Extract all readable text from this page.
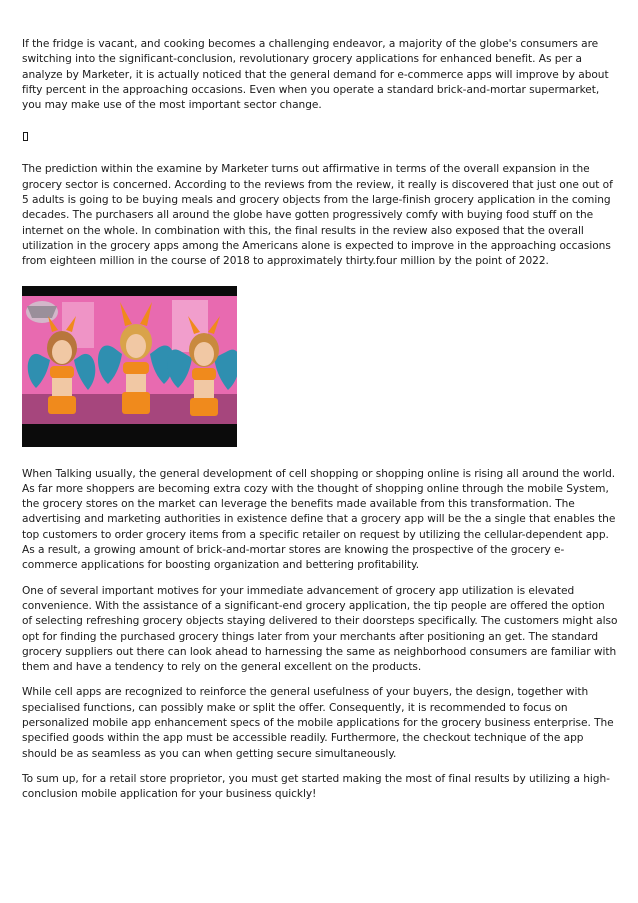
If the fridge is vacant, and cooking becomes a challenging endeavor, a majority of the globe's consumers are switching into the significant-conclusion, revolutionary grocery applications for enhanced benefit. As per a analyze by Marketer, it is actually noticed that the general demand for e-commerce apps will improve by about fifty percent in the approaching occasions. Even when you operate a standard brick-and-mortar supermarket, you may make use of the most important sector change.

The prediction within the examine by Marketer turns out affirmative in terms of the overall expansion in the grocery sector is concerned. According to the reviews from the review, it really is discovered that just one out of 5 adults is going to be buying meals and grocery objects from the large-finish grocery application in the coming decades. The purchasers all around the globe have gotten progressively comfy with buying food stuff on the internet on the whole. In combination with this, the final results in the review also exposed that the overall utilization in the grocery apps among the Americans alone is expected to improve in the approaching occasions from eighteen million in the course of 2018 to approximately thirty.four million by the point of 2022.

When Talking usually, the general development of cell shopping or shopping online is rising all around the world. As far more shoppers are becoming extra cozy with the thought of shopping online through the mobile System, the grocery stores on the market can leverage the benefits made available from this transformation. The advertising and marketing authorities in existence define that a grocery app will be the a single that enables the top customers to order grocery items from a specific retailer on request by utilizing the cellular-dependent app. As a result, a growing amount of brick-and-mortar stores are knowing the prospective of the grocery e-commerce applications for boosting organization and bettering profitability.

One of several important motives for your immediate advancement of grocery app utilization is elevated convenience. With the assistance of a significant-end grocery application, the tip people are offered the option of selecting refreshing grocery objects staying delivered to their doorsteps specifically. The customers might also opt for finding the purchased grocery things later from your merchants after positioning an get. The standard grocery suppliers out there can look ahead to harnessing the same as neighborhood consumers are familiar with them and have a tendency to rely on the general excellent on the products.

While cell apps are recognized to reinforce the general usefulness of your buyers, the design, together with specialised functions, can possibly make or split the offer. Consequently, it is recommended to focus on personalized mobile app enhancement specs of the mobile applications for the grocery business enterprise. The specified goods within the app must be accessible readily. Furthermore, the checkout technique of the app should be as seamless as you can when getting secure simultaneously.

To sum up, for a retail store proprietor, you must get started making the most of final results by utilizing a high-conclusion mobile application for your business quickly!
